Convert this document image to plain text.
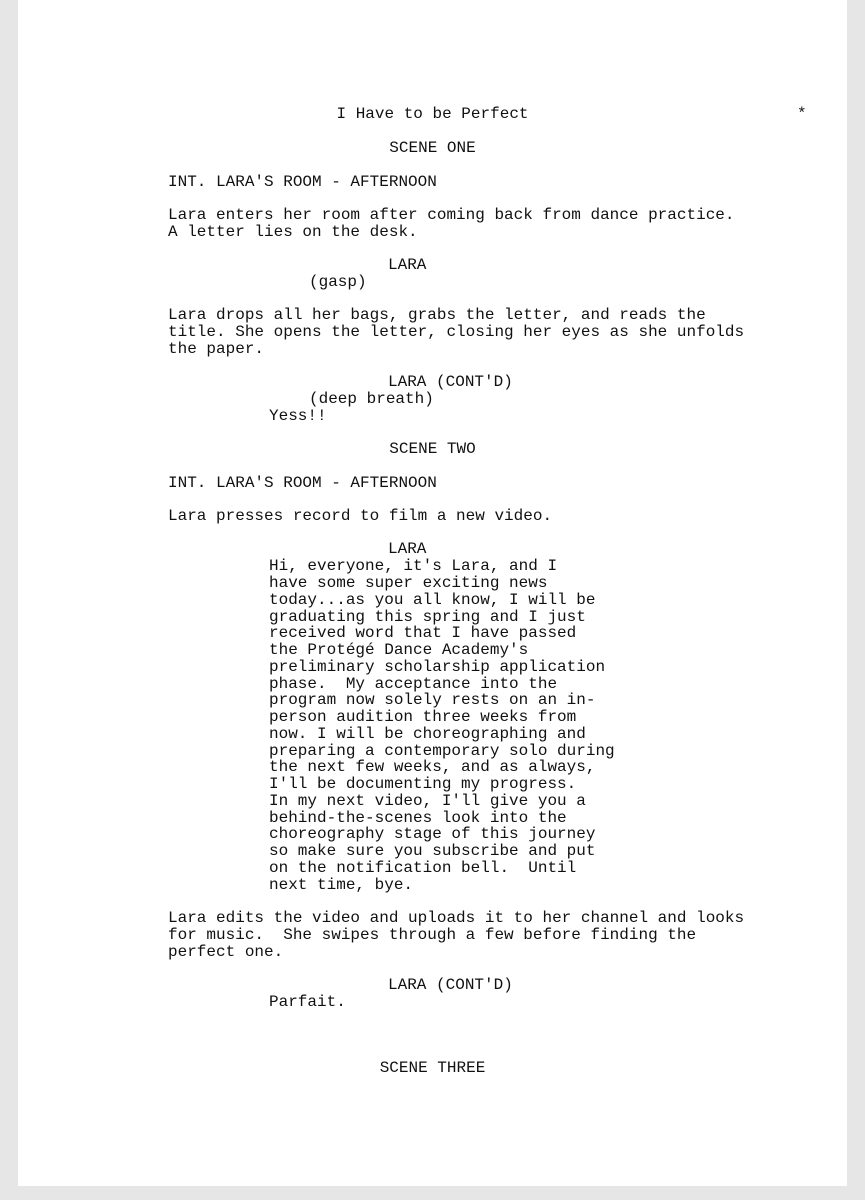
I Have to be Perfect	*

SCENE ONE

INT. LARA'S ROOM - AFTERNOON

Lara enters her room after coming back from dance practice.

A letter lies on the desk.

LARA

(gasp)

Lara drops all her bags, grabs the letter, and reads the

title. She opens the letter, closing her eyes as she unfolds

the paper.

LARA (CONT'D)

(deep breath)

Yess!!

SCENE TWO

INT. LARA'S ROOM - AFTERNOON

Lara presses record to film a new video.

LARA

Hi, everyone, it's Lara, and I

have some super exciting news

today...as you all know, I will be

graduating this spring and I just

received word that I have passed

the Protégé Dance Academy's

preliminary scholarship application

phase.  My acceptance into the

program now solely rests on an in-

person audition three weeks from

now. I will be choreographing and

preparing a contemporary solo during

the next few weeks, and as always,

I'll be documenting my progress.

In my next video, I'll give you a

behind-the-scenes look into the

choreography stage of this journey

so make sure you subscribe and put

on the notification bell.  Until

next time, bye.

Lara edits the video and uploads it to her channel and looks

for music.  She swipes through a few before finding the

perfect one.

LARA (CONT'D)

Parfait.

SCENE THREE
